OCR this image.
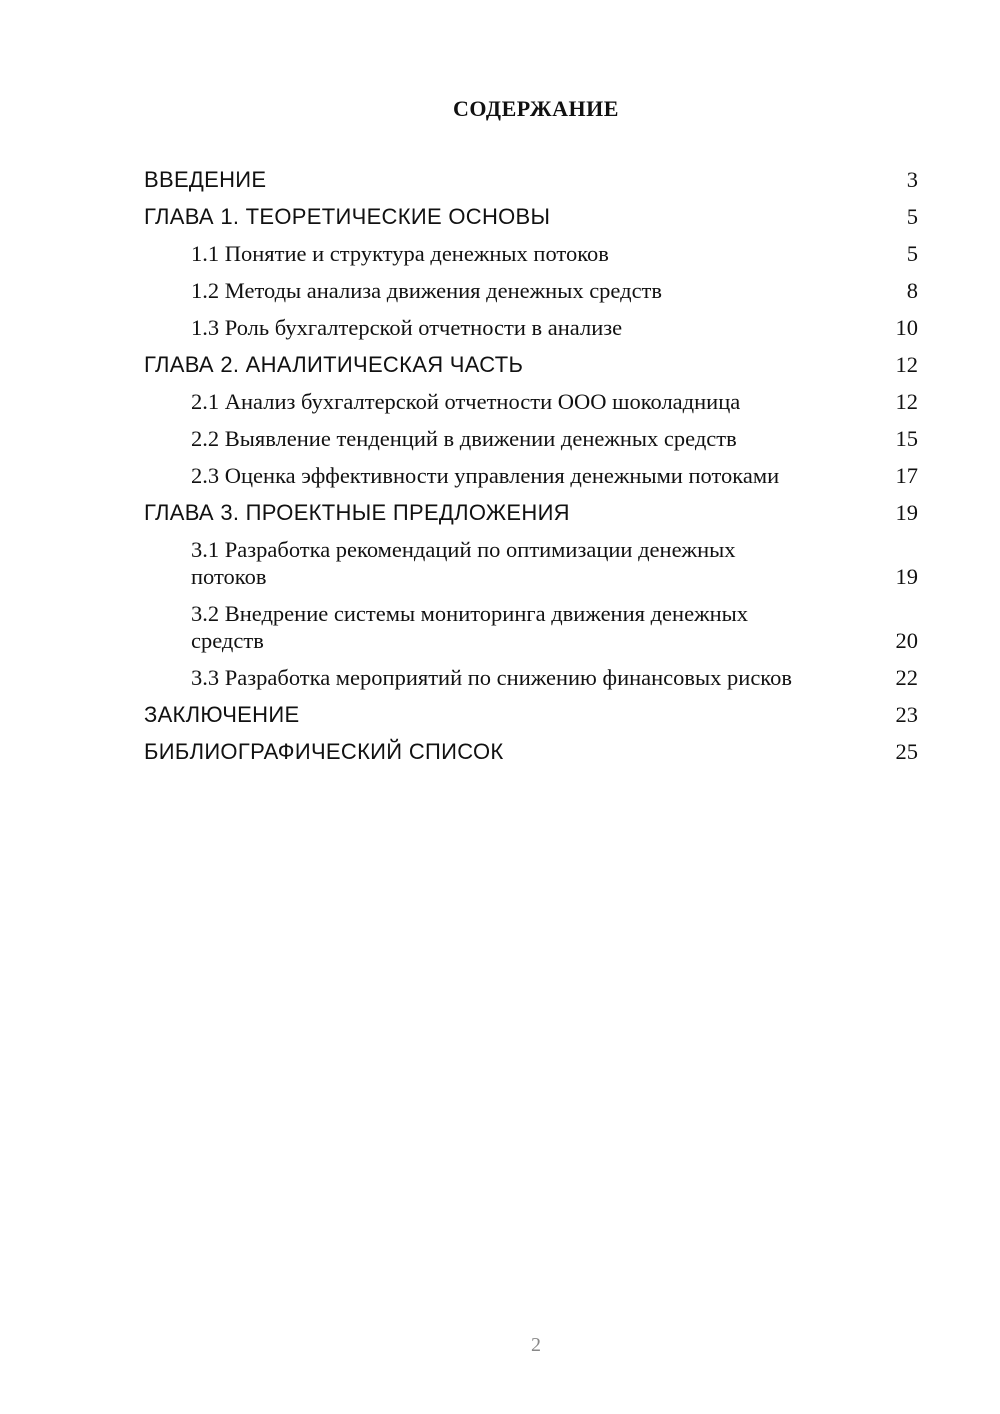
СОДЕРЖАНИЕ
ВВЕДЕНИЕ	3
ГЛАВА 1. ТЕОРЕТИЧЕСКИЕ ОСНОВЫ	5
1.1 Понятие и структура денежных потоков	5
1.2 Методы анализа движения денежных средств	8
1.3 Роль бухгалтерской отчетности в анализе	10
ГЛАВА 2. АНАЛИТИЧЕСКАЯ ЧАСТЬ	12
2.1 Анализ бухгалтерской отчетности ООО шоколадница	12
2.2 Выявление тенденций в движении денежных средств	15
2.3 Оценка эффективности управления денежными потоками	17
ГЛАВА 3. ПРОЕКТНЫЕ ПРЕДЛОЖЕНИЯ	19
3.1 Разработка рекомендаций по оптимизации денежных потоков	19
3.2 Внедрение системы мониторинга движения денежных средств	20
3.3 Разработка мероприятий по снижению финансовых рисков	22
ЗАКЛЮЧЕНИЕ	23
БИБЛИОГРАФИЧЕСКИЙ СПИСОК	25
2
